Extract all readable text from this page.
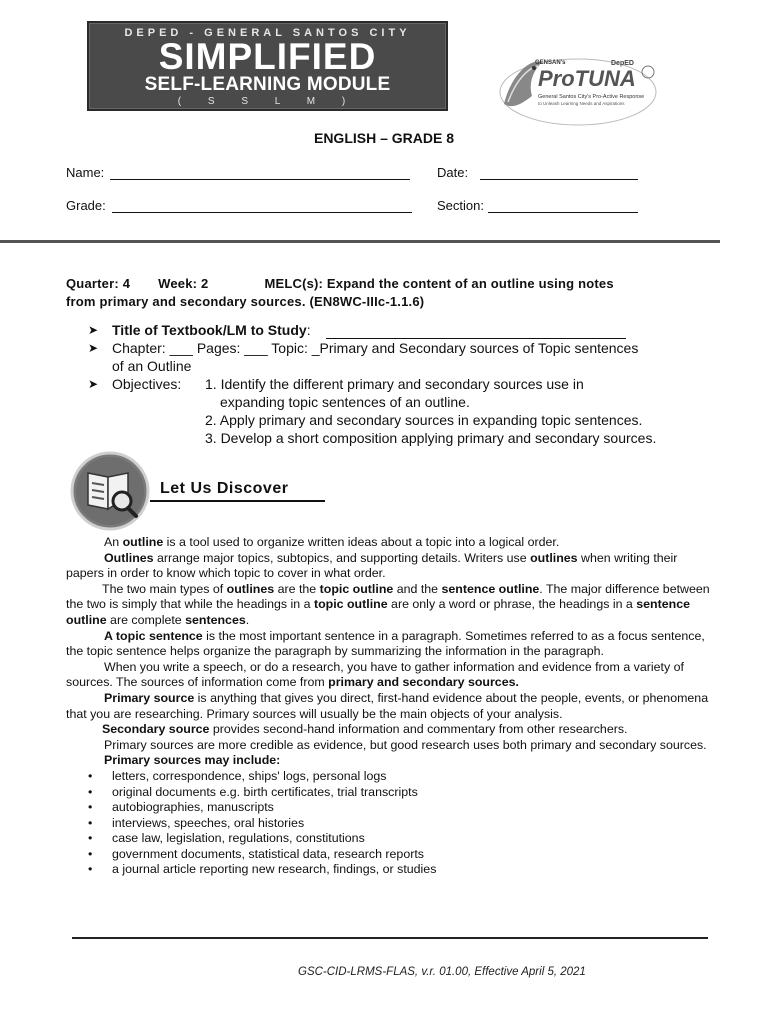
DEPED - GENERAL SANTOS CITY
SIMPLIFIED
SELF-LEARNING MODULE
( S S L M )
GENSAN's
ProTUNA
DepED
General Santos City's Pro-Active Response
to Unleash Learning Needs and Aspirations
ENGLISH – GRADE 8
Name:	Date:
Grade:	Section:
Quarter: 4 Week: 2	MELC(s): Expand the content of an outline using notes
from primary and secondary sources. (EN8WC-IIIc-1.1.6)
➤ Title of Textbook/LM to Study:
➤ Chapter: ___ Pages: ___ Topic: _Primary and Secondary sources of Topic sentences
of an Outline
➤ Objectives: 1. Identify the different primary and secondary sources use in
expanding topic sentences of an outline.
2. Apply primary and secondary sources in expanding topic sentences.
3. Develop a short composition applying primary and secondary sources.
Let Us Discover

An outline is a tool used to organize written ideas about a topic into a logical order.

Outlines arrange major topics, subtopics, and supporting details. Writers use outlines when writing their papers in order to know which topic to cover in what order.

The two main types of outlines are the topic outline and the sentence outline. The major difference between the two is simply that while the headings in a topic outline are only a word or phrase, the headings in a sentence outline are complete sentences.

A topic sentence is the most important sentence in a paragraph. Sometimes referred to as a focus sentence, the topic sentence helps organize the paragraph by summarizing the information in the paragraph.

When you write a speech, or do a research, you have to gather information and evidence from a variety of sources. The sources of information come from primary and secondary sources.

Primary source is anything that gives you direct, first-hand evidence about the people, events, or phenomena that you are researching. Primary sources will usually be the main objects of your analysis.

Secondary source provides second-hand information and commentary from other researchers.

Primary sources are more credible as evidence, but good research uses both primary and secondary sources.

Primary sources may include:

• letters, correspondence, ships' logs, personal logs
• original documents e.g. birth certificates, trial transcripts
• autobiographies, manuscripts
• interviews, speeches, oral histories
• case law, legislation, regulations, constitutions
• government documents, statistical data, research reports
• a journal article reporting new research, findings, or studies
GSC-CID-LRMS-FLAS, v.r. 01.00, Effective April 5, 2021
